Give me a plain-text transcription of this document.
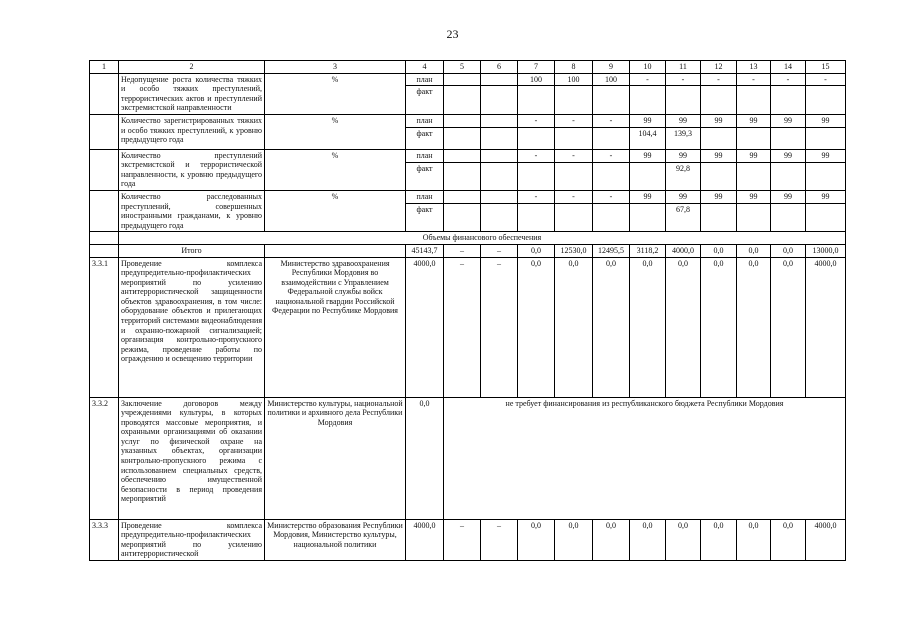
23
1	2	3	4	5	6	7	8	9	10	11	12	13	14	15
	Недопущение роста количества тяжких и особо тяжких преступлений, террористических актов и преступлений экстремистской направленности	%	план			100	100	100	-	-	-	-	-	-
			факт											
	Количество зарегистрированных тяжких и особо тяжких преступлений, к уровню предыдущего года	%	план			-	-	-	99	99	99	99	99	99
			факт						104,4	139,3				
	Количество преступлений экстремистской и террористической направленности, к уровню предыдущего года	%	план			-	-	-	99	99	99	99	99	99
			факт							92,8				
	Количество расследованных преступлений, совершенных иностранными гражданами, к уровню предыдущего года	%	план			-	-	-	99	99	99	99	99	99
			факт							67,8				
	Объемы финансового обеспечения													
	Итого		45143,7	–	–	0,0	12530,0	12495,5	3118,2	4000,0	0,0	0,0	0,0	13000,0
3.3.1	Проведение комплекса предупредительно-профилактических мероприятий по усилению антитеррористической защищенности объектов здравоохранения, в том числе: оборудование объектов и прилегающих территорий системами видеонаблюдения и охранно-пожарной сигнализацией; организация контрольно-пропускного режима, проведение работы по ограждению и освещению территории	Министерство здравоохранения Республики Мордовия во взаимодействии с Управлением Федеральной службы войск национальной гвардии Российской Федерации по Республике Мордовия	4000,0	–	–	0,0	0,0	0,0	0,0	0,0	0,0	0,0	0,0	4000,0
3.3.2	Заключение договоров между учреждениями культуры, в которых проводятся массовые мероприятия, и охранными организациями об оказании услуг по физической охране на указанных объектах, организации контрольно-пропускного режима с использованием специальных средств, обеспечению имущественной безопасности в период проведения мероприятий	Министерство культуры, национальной политики и архивного дела Республики Мордовия	0,0	не требует финансирования из республиканского бюджета Республики Мордовия										
3.3.3	Проведение комплекса предупредительно-профилактических мероприятий по усилению антитеррористической	Министерство образования Республики Мордовия, Министерство культуры, национальной политики	4000,0	–	–	0,0	0,0	0,0	0,0	0,0	0,0	0,0	0,0	4000,0
